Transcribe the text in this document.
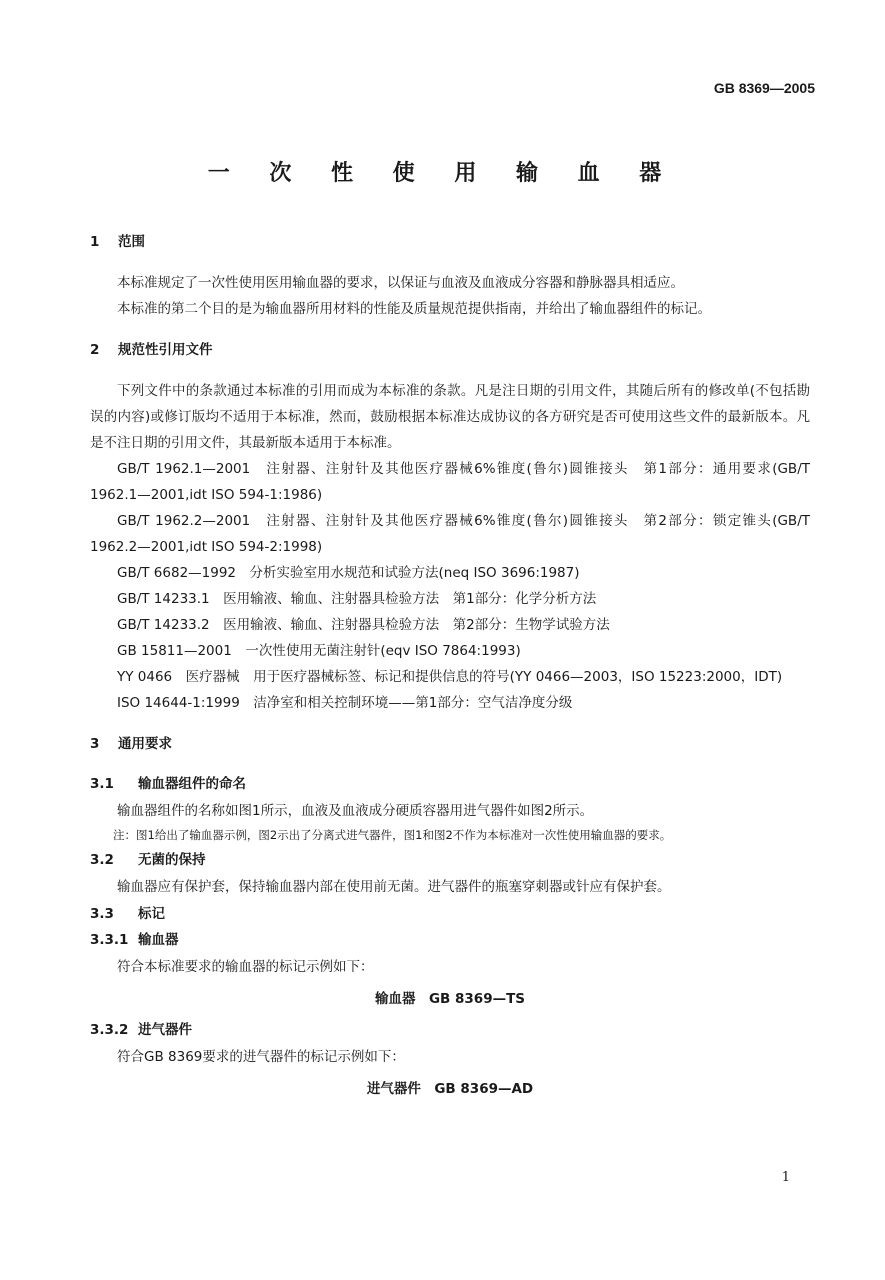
GB 8369—2005
一 次 性 使 用 输 血 器
1 范围

本标准规定了一次性使用医用输血器的要求，以保证与血液及血液成分容器和静脉器具相适应。

本标准的第二个目的是为输血器所用材料的性能及质量规范提供指南，并给出了输血器组件的标记。

2 规范性引用文件

下列文件中的条款通过本标准的引用而成为本标准的条款。凡是注日期的引用文件，其随后所有的修改单(不包括勘误的内容)或修订版均不适用于本标准，然而，鼓励根据本标准达成协议的各方研究是否可使用这些文件的最新版本。凡是不注日期的引用文件，其最新版本适用于本标准。

GB/T 1962.1—2001　注射器、注射针及其他医疗器械6%锥度(鲁尔)圆锥接头　第1部分：通用要求(GB/T 1962.1—2001,idt ISO 594-1:1986)

GB/T 1962.2—2001　注射器、注射针及其他医疗器械6%锥度(鲁尔)圆锥接头　第2部分：锁定锥头(GB/T 1962.2—2001,idt ISO 594-2:1998)

GB/T 6682—1992　分析实验室用水规范和试验方法(neq ISO 3696:1987)

GB/T 14233.1　医用输液、输血、注射器具检验方法　第1部分：化学分析方法

GB/T 14233.2　医用输液、输血、注射器具检验方法　第2部分：生物学试验方法

GB 15811—2001　一次性使用无菌注射针(eqv ISO 7864:1993)

YY 0466　医疗器械　用于医疗器械标签、标记和提供信息的符号(YY 0466—2003，ISO 15223:2000，IDT)

ISO 14644-1:1999　洁净室和相关控制环境——第1部分：空气洁净度分级

3 通用要求
3.1 输血器组件的命名

输血器组件的名称如图1所示，血液及血液成分硬质容器用进气器件如图2所示。

注：图1给出了输血器示例，图2示出了分离式进气器件，图1和图2不作为本标准对一次性使用输血器的要求。

3.2 无菌的保持

输血器应有保护套，保持输血器内部在使用前无菌。进气器件的瓶塞穿刺器或针应有保护套。

3.3 标记
3.3.1 输血器

符合本标准要求的输血器的标记示例如下：

输血器　GB 8369—TS
3.3.2 进气器件

符合GB 8369要求的进气器件的标记示例如下：

进气器件　GB 8369—AD
1
